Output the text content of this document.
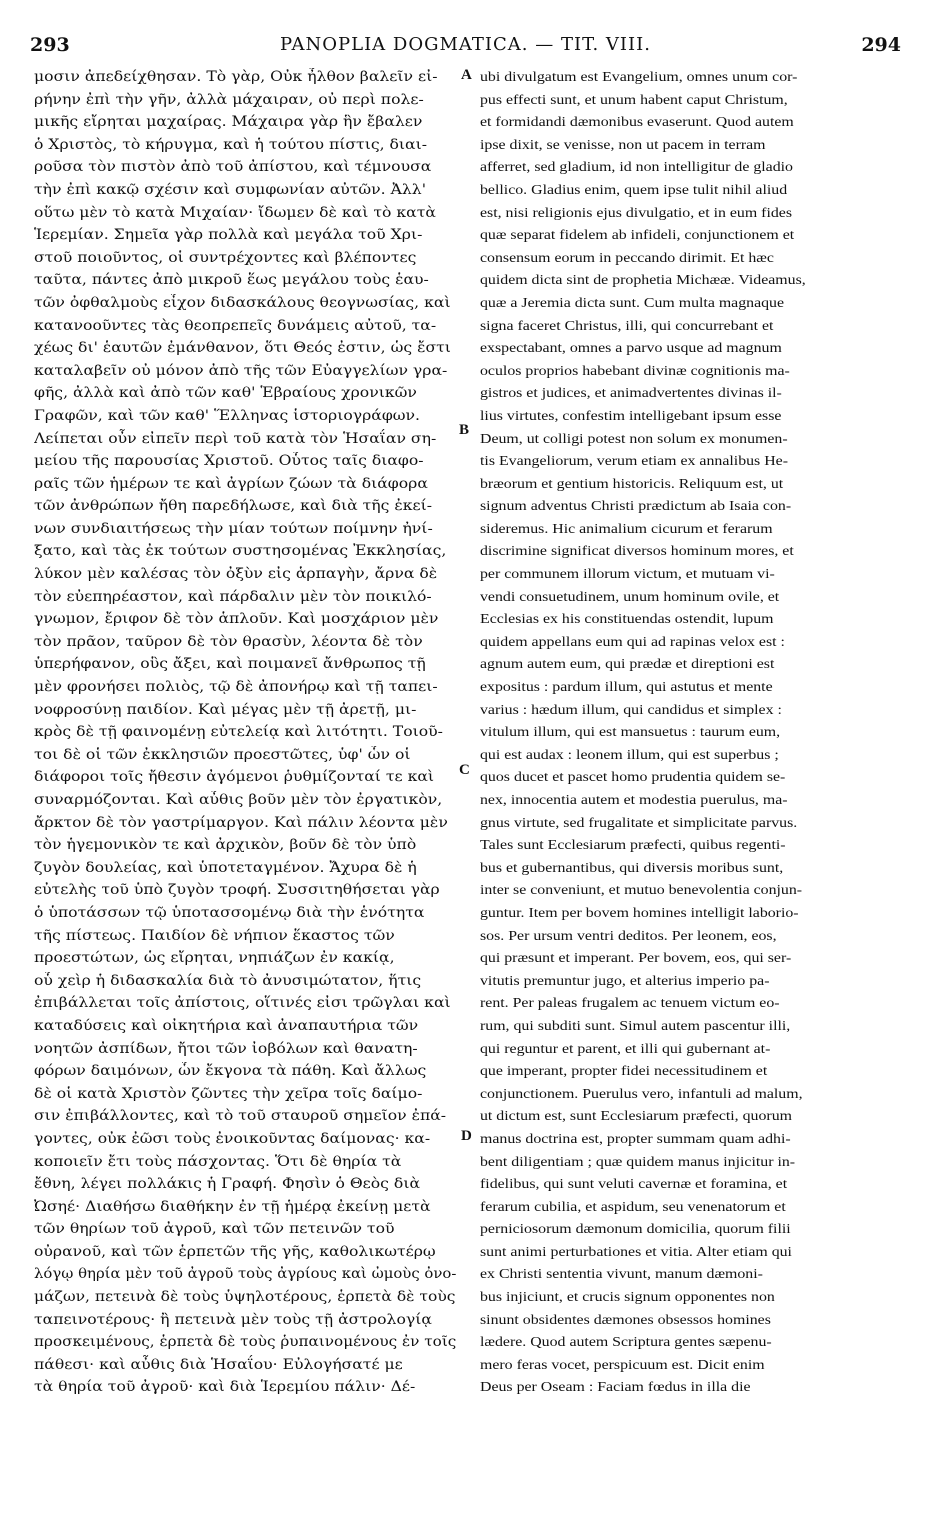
293	PANOPLIA DOGMATICA. — TIT. VIII.	294
μοσιν ἀπεδείχθησαν. Τὸ γὰρ, Οὐκ ἦλθον βαλεῖν εἰ-
ρήνην ἐπὶ τὴν γῆν, ἀλλὰ μάχαιραν, οὐ περὶ πολε-
μικῆς εἴρηται μαχαίρας. Μάχαιρα γὰρ ἣν ἔβαλεν
ὁ Χριστὸς, τὸ κήρυγμα, καὶ ἡ τούτου πίστις, διαι-
ροῦσα τὸν πιστὸν ἀπὸ τοῦ ἀπίστου, καὶ τέμνουσα
τὴν ἐπὶ κακῷ σχέσιν καὶ συμφωνίαν αὐτῶν. Ἀλλ'
οὕτω μὲν τὸ κατὰ Μιχαίαν· ἴδωμεν δὲ καὶ τὸ κατὰ
Ἱερεμίαν. Σημεῖα γὰρ πολλὰ καὶ μεγάλα τοῦ Χρι-
στοῦ ποιοῦντος, οἱ συντρέχοντες καὶ βλέποντες
ταῦτα, πάντες ἀπὸ μικροῦ ἕως μεγάλου τοὺς ἑαυ-
τῶν ὀφθαλμοὺς εἶχον διδασκάλους θεογνωσίας, καὶ
κατανοοῦντες τὰς θεοπρεπεῖς δυνάμεις αὐτοῦ, τα-
χέως δι' ἑαυτῶν ἐμάνθανον, ὅτι Θεός ἐστιν, ὡς ἔστι
καταλαβεῖν οὐ μόνον ἀπὸ τῆς τῶν Εὐαγγελίων γρα-
φῆς, ἀλλὰ καὶ ἀπὸ τῶν καθ' Ἑβραίους χρονικῶν
Γραφῶν, καὶ τῶν καθ' Ἕλληνας ἱστοριογράφων.
Λείπεται οὖν εἰπεῖν περὶ τοῦ κατὰ τὸν Ἡσαΐαν ση-
μείου τῆς παρουσίας Χριστοῦ. Οὗτος ταῖς διαφο-
ραῖς τῶν ἡμέρων τε καὶ ἀγρίων ζώων τὰ διάφορα
τῶν ἀνθρώπων ἤθη παρεδήλωσε, καὶ διὰ τῆς ἐκεί-
νων συνδιαιτήσεως τὴν μίαν τούτων ποίμνην ἠνί-
ξατο, καὶ τὰς ἐκ τούτων συστησομένας Ἐκκλησίας,
λύκον μὲν καλέσας τὸν ὀξὺν εἰς ἁρπαγὴν, ἄρνα δὲ
τὸν εὐεπηρέαστον, καὶ πάρδαλιν μὲν τὸν ποικιλό-
γνωμον, ἔριφον δὲ τὸν ἁπλοῦν. Καὶ μοσχάριον μὲν
τὸν πρᾶον, ταῦρον δὲ τὸν θρασὺν, λέοντα δὲ τὸν
ὑπερήφανον, οὓς ἄξει, καὶ ποιμανεῖ ἄνθρωπος τῇ
μὲν φρονήσει πολιὸς, τῷ δὲ ἀπονήρῳ καὶ τῇ ταπει-
νοφροσύνῃ παιδίον. Καὶ μέγας μὲν τῇ ἀρετῇ, μι-
κρὸς δὲ τῇ φαινομένῃ εὐτελείᾳ καὶ λιτότητι. Τοιοῦ-
τοι δὲ οἱ τῶν ἐκκλησιῶν προεστῶτες, ὑφ' ὧν οἱ
διάφοροι τοῖς ἤθεσιν ἀγόμενοι ῥυθμίζονταί τε καὶ
συναρμόζονται. Καὶ αὖθις βοῦν μὲν τὸν ἐργατικὸν,
ἄρκτον δὲ τὸν γαστρίμαργον. Καὶ πάλιν λέοντα μὲν
τὸν ἡγεμονικὸν τε καὶ ἀρχικὸν, βοῦν δὲ τὸν ὑπὸ
ζυγὸν δουλείας, καὶ ὑποτεταγμένον. Ἄχυρα δὲ ἡ
εὐτελὴς τοῦ ὑπὸ ζυγὸν τροφή. Συσσιτηθήσεται γὰρ
ὁ ὑποτάσσων τῷ ὑποτασσομένῳ διὰ τὴν ἑνότητα
τῆς πίστεως. Παιδίον δὲ νήπιον ἕκαστος τῶν
προεστώτων, ὡς εἴρηται, νηπιάζων ἐν κακίᾳ,
οὗ χεὶρ ἡ διδασκαλία διὰ τὸ ἀνυσιμώτατον, ἥτις
ἐπιβάλλεται τοῖς ἀπίστοις, οἵτινές εἰσι τρῶγλαι καὶ
καταδύσεις καὶ οἰκητήρια καὶ ἀναπαυτήρια τῶν
νοητῶν ἀσπίδων, ἤτοι τῶν ἰοβόλων καὶ θανατη-
φόρων δαιμόνων, ὧν ἔκγονα τὰ πάθη. Καὶ ἄλλως
δὲ οἱ κατὰ Χριστὸν ζῶντες τὴν χεῖρα τοῖς δαίμο-
σιν ἐπιβάλλοντες, καὶ τὸ τοῦ σταυροῦ σημεῖον ἐπά-
γοντες, οὐκ ἐῶσι τοὺς ἐνοικοῦντας δαίμονας· κα-
κοποιεῖν ἔτι τοὺς πάσχοντας. Ὅτι δὲ θηρία τὰ
ἔθνη, λέγει πολλάκις ἡ Γραφή. Φησὶν ὁ Θεὸς διὰ
Ὠσηέ· Διαθήσω διαθήκην ἐν τῇ ἡμέρᾳ ἐκείνῃ μετὰ
τῶν θηρίων τοῦ ἀγροῦ, καὶ τῶν πετεινῶν τοῦ
οὐρανοῦ, καὶ τῶν ἑρπετῶν τῆς γῆς, καθολικωτέρῳ
λόγῳ θηρία μὲν τοῦ ἀγροῦ τοὺς ἀγρίους καὶ ὠμοὺς ὀνο-
μάζων, πετεινὰ δὲ τοὺς ὑψηλοτέρους, ἑρπετὰ δὲ τοὺς
ταπεινοτέρους· ἢ πετεινὰ μὲν τοὺς τῇ ἀστρολογίᾳ
προσκειμένους, ἑρπετὰ δὲ τοὺς ῥυπαινομένους ἐν τοῖς
πάθεσι· καὶ αὖθις διὰ Ἡσαΐου· Εὐλογήσατέ με
τὰ θηρία τοῦ ἀγροῦ· καὶ διὰ Ἱερεμίου πάλιν· Δέ-
A
B
C
D
ubi divulgatum est Evangelium, omnes unum cor-
pus effecti sunt, et unum habent caput Christum,
et formidandi dæmonibus evaserunt. Quod autem
ipse dixit, se venisse, non ut pacem in terram
afferret, sed gladium, id non intelligitur de gladio
bellico. Gladius enim, quem ipse tulit nihil aliud
est, nisi religionis ejus divulgatio, et in eum fides
quæ separat fidelem ab infideli, conjunctionem et
consensum eorum in peccando dirimit. Et hæc
quidem dicta sint de prophetia Michææ. Videamus,
quæ a Jeremia dicta sunt. Cum multa magnaque
signa faceret Christus, illi, qui concurrebant et
exspectabant, omnes a parvo usque ad magnum
oculos proprios habebant divinæ cognitionis ma-
gistros et judices, et animadvertentes divinas il-
lius virtutes, confestim intelligebant ipsum esse
Deum, ut colligi potest non solum ex monumen-
tis Evangeliorum, verum etiam ex annalibus He-
bræorum et gentium historicis. Reliquum est, ut
signum adventus Christi prædictum ab Isaia con-
sideremus. Hic animalium cicurum et ferarum
discrimine significat diversos hominum mores, et
per communem illorum victum, et mutuam vi-
vendi consuetudinem, unum hominum ovile, et
Ecclesias ex his constituendas ostendit, lupum
quidem appellans eum qui ad rapinas velox est :
agnum autem eum, qui prædæ et direptioni est
expositus : pardum illum, qui astutus et mente
varius : hædum illum, qui candidus et simplex :
vitulum illum, qui est mansuetus : taurum eum,
qui est audax : leonem illum, qui est superbus ;
quos ducet et pascet homo prudentia quidem se-
nex, innocentia autem et modestia puerulus, ma-
gnus virtute, sed frugalitate et simplicitate parvus.
Tales sunt Ecclesiarum præfecti, quibus regenti-
bus et gubernantibus, qui diversis moribus sunt,
inter se conveniunt, et mutuo benevolentia conjun-
guntur. Item per bovem homines intelligit laborio-
sos. Per ursum ventri deditos. Per leonem, eos,
qui præsunt et imperant. Per bovem, eos, qui ser-
vitutis premuntur jugo, et alterius imperio pa-
rent. Per paleas frugalem ac tenuem victum eo-
rum, qui subditi sunt. Simul autem pascentur illi,
qui reguntur et parent, et illi qui gubernant at-
que imperant, propter fidei necessitudinem et
conjunctionem. Puerulus vero, infantuli ad malum,
ut dictum est, sunt Ecclesiarum præfecti, quorum
manus doctrina est, propter summam quam adhi-
bent diligentiam ; quæ quidem manus injicitur in-
fidelibus, qui sunt veluti cavernæ et foramina, et
ferarum cubilia, et aspidum, seu venenatorum et
perniciosorum dæmonum domicilia, quorum filii
sunt animi perturbationes et vitia. Alter etiam qui
ex Christi sententia vivunt, manum dæmoni-
bus injiciunt, et crucis signum opponentes non
sinunt obsidentes dæmones obsessos homines
lædere. Quod autem Scriptura gentes sæpenu-
mero feras vocet, perspicuum est. Dicit enim
Deus per Oseam : Faciam fœdus in illa die
